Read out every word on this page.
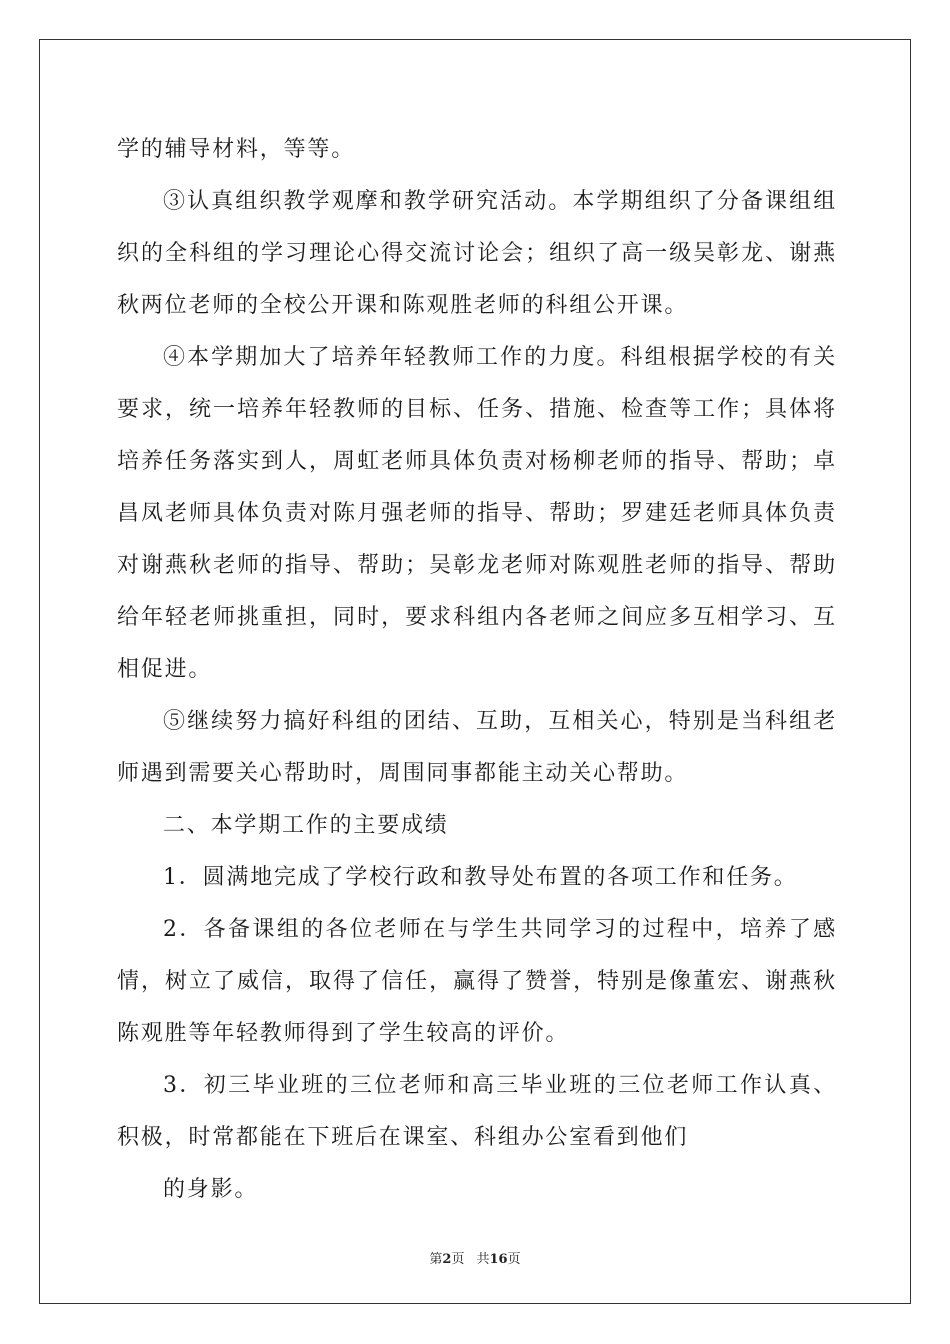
学的辅导材料，等等。

③认真组织教学观摩和教学研究活动。本学期组织了分备课组组织的全科组的学习理论心得交流讨论会；组织了高一级吴彰龙、谢燕秋两位老师的全校公开课和陈观胜老师的科组公开课。

④本学期加大了培养年轻教师工作的力度。科组根据学校的有关要求，统一培养年轻教师的目标、任务、措施、检查等工作；具体将培养任务落实到人，周虹老师具体负责对杨柳老师的指导、帮助；卓昌凤老师具体负责对陈月强老师的指导、帮助；罗建廷老师具体负责对谢燕秋老师的指导、帮助；吴彰龙老师对陈观胜老师的指导、帮助给年轻老师挑重担，同时，要求科组内各老师之间应多互相学习、互相促进。

⑤继续努力搞好科组的团结、互助，互相关心，特别是当科组老师遇到需要关心帮助时，周围同事都能主动关心帮助。

二、本学期工作的主要成绩

1．圆满地完成了学校行政和教导处布置的各项工作和任务。

2．各备课组的各位老师在与学生共同学习的过程中，培养了感情，树立了威信，取得了信任，赢得了赞誉，特别是像董宏、谢燕秋陈观胜等年轻教师得到了学生较高的评价。

3．初三毕业班的三位老师和高三毕业班的三位老师工作认真、积极，时常都能在下班后在课室、科组办公室看到他们

的身影。

第2页 共16页
